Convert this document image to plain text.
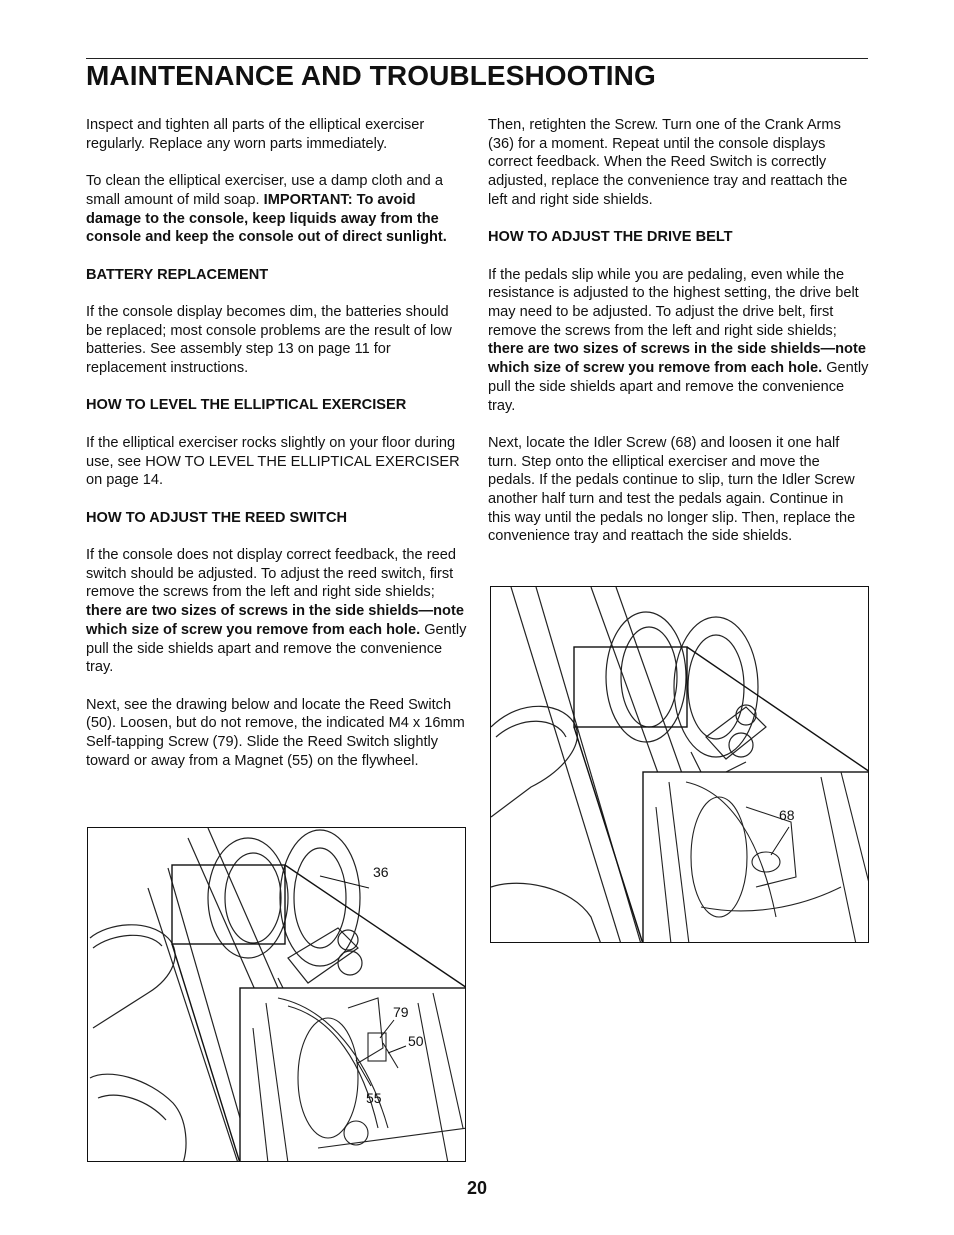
MAINTENANCE AND TROUBLESHOOTING

Inspect and tighten all parts of the elliptical exerciser regularly. Replace any worn parts immediately.

To clean the elliptical exerciser, use a damp cloth and a small amount of mild soap. IMPORTANT: To avoid damage to the console, keep liquids away from the console and keep the console out of direct sunlight.

BATTERY REPLACEMENT

If the console display becomes dim, the batteries should be replaced; most console problems are the result of low batteries. See assembly step 13 on page 11 for replacement instructions.

HOW TO LEVEL THE ELLIPTICAL EXERCISER

If the elliptical exerciser rocks slightly on your floor during use, see HOW TO LEVEL THE ELLIPTICAL EXERCISER on page 14.

HOW TO ADJUST THE REED SWITCH

If the console does not display correct feedback, the reed switch should be adjusted. To adjust the reed switch, first remove the screws from the left and right side shields; there are two sizes of screws in the side shields—note which size of screw you remove from each hole. Gently pull the side shields apart and remove the convenience tray.

Next, see the drawing below and locate the Reed Switch (50). Loosen, but do not remove, the indicated M4 x 16mm Self-tapping Screw (79). Slide the Reed Switch slightly toward or away from a Magnet (55) on the flywheel.

Then, retighten the Screw. Turn one of the Crank Arms (36) for a moment. Repeat until the console displays correct feedback. When the Reed Switch is correctly adjusted, replace the convenience tray and reattach the left and right side shields.

HOW TO ADJUST THE DRIVE BELT

If the pedals slip while you are pedaling, even while the resistance is adjusted to the highest setting, the drive belt may need to be adjusted. To adjust the drive belt, first remove the screws from the left and right side shields; there are two sizes of screws in the side shields—note which size of screw you remove from each hole. Gently pull the side shields apart and remove the convenience tray.

Next, locate the Idler Screw (68) and loosen it one half turn. Step onto the elliptical exerciser and move the pedals. If the pedals continue to slip, turn the Idler Screw another half turn and test the pedals again. Continue in this way until the pedals no longer slip. Then, replace the convenience tray and reattach the side shields.

36
79
50
55
68
20
